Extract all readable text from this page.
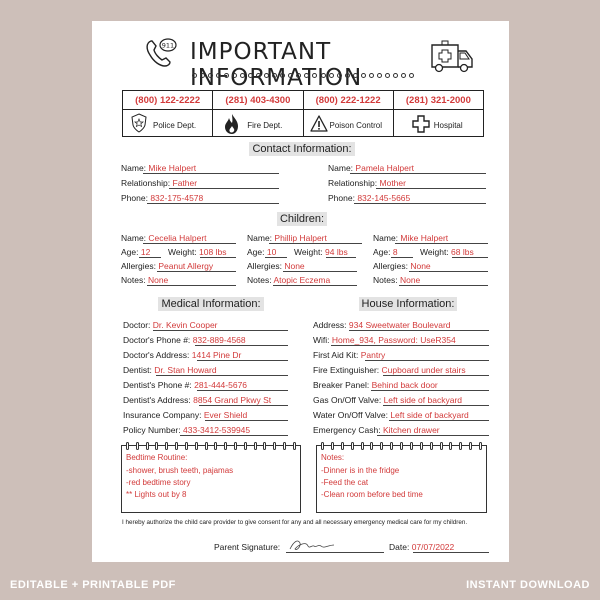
911 IMPORTANT INFORMATION
(800) 122-2222
Police Dept.
(281) 403-4300
Fire Dept.
(800) 222-1222
Poison Control
(281) 321-2000
Hospital
Contact Information:
Name: Mike Halpert
Relationship: Father
Phone: 832-175-4578
Name: Pamela Halpert
Relationship: Mother
Phone: 832-145-5665
Children:
Name: Cecelia Halpert
Age: 12	Weight: 108 lbs
Allergies: Peanut Allergy
Notes: None
Name: Phillip Halpert
Age: 10	Weight: 94 lbs
Allergies: None
Notes: Atopic Eczema
Name: Mike Halpert
Age: 8	Weight: 68 lbs
Allergies: None
Notes: None
Medical Information:	House Information:
Doctor: Dr. Kevin Cooper
Doctor's Phone #: 832-889-4568
Doctor's Address: 1414 Pine Dr
Dentist: Dr. Stan Howard
Dentist's Phone #: 281-444-5676
Dentist's Address: 8854 Grand Pkwy St
Insurance Company: Ever Shield
Policy Number: 433-3412-539945
Address: 934 Sweetwater Boulevard
Wifi: Home_934, Password: UseR354
First Aid Kit: Pantry
Fire Extinguisher: Cupboard under stairs
Breaker Panel: Behind back door
Gas On/Off Valve: Left side of backyard
Water On/Off Valve: Left side of backyard
Emergency Cash: Kitchen drawer
Bedtime Routine:
-shower, brush teeth, pajamas
-red bedtime story
** Lights out by 8
Notes:
-Dinner is in the fridge
-Feed the cat
-Clean room before bed time
I hereby authorize the child care provider to give consent for any and all necessary emergency medical care for my children.
Parent Signature:	Date: 07/07/2022
EDITABLE + PRINTABLE PDF	INSTANT DOWNLOAD
